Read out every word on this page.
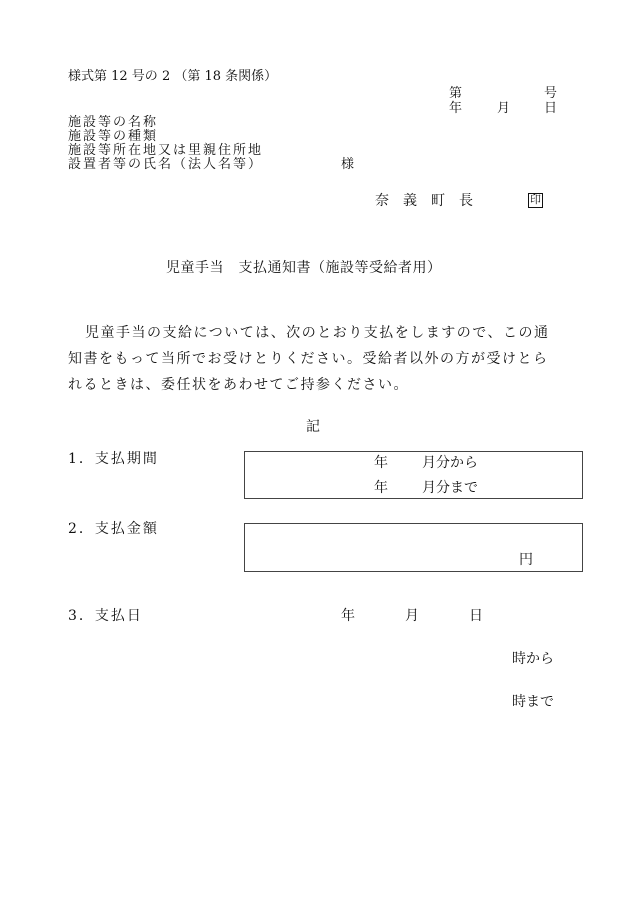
様式第 12 号の 2 （第 18 条関係）
第	号
年	月	日
施設等の名称
施設等の種類
施設等所在地又は里親住所地
設置者等の氏名（法人名等）	様
奈　義　町　長	印
児童手当　支払通知書（施設等受給者用）
児童手当の支給については、次のとおり支払をしますので、この通
知書をもって当所でお受けとりください。受給者以外の方が受けとら
れるときは、委任状をあわせてご持参ください。
記
1．支払期間	年 月分から
年 月分まで
2．支払金額
円
3．支払日	年	月	日
時から
時まで
